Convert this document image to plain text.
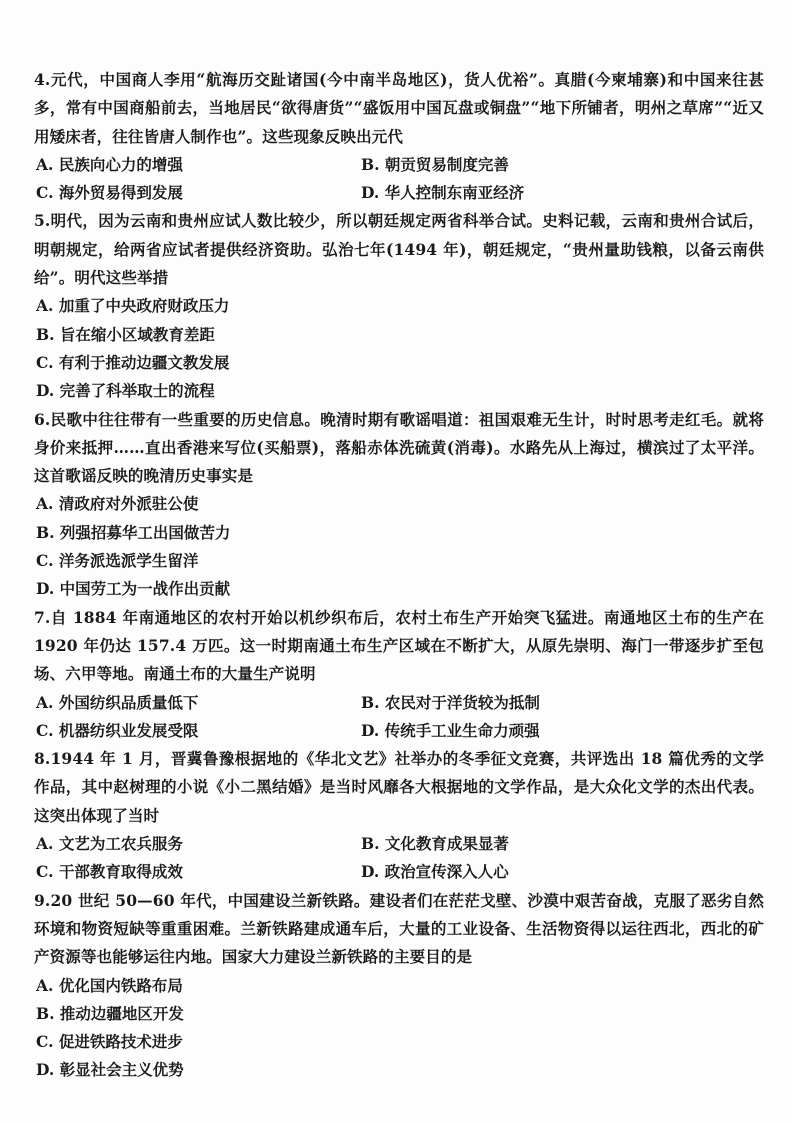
4.元代，中国商人李用“航海历交趾诸国(今中南半岛地区)，货人优裕”。真腊(今柬埔寨)和中国来往甚多，常有中国商船前去，当地居民“欲得唐货”“盛饭用中国瓦盘或铜盘”“地下所铺者，明州之草席”“近又用矮床者，往往皆唐人制作也”。这些现象反映出元代

A. 民族向心力的增强	B. 朝贡贸易制度完善
C. 海外贸易得到发展	D. 华人控制东南亚经济

5.明代，因为云南和贵州应试人数比较少，所以朝廷规定两省科举合试。史料记载，云南和贵州合试后，明朝规定，给两省应试者提供经济资助。弘治七年(1494 年)，朝廷规定，“贵州量助钱粮，以备云南供给”。明代这些举措

A. 加重了中央政府财政压力
B. 旨在缩小区域教育差距
C. 有利于推动边疆文教发展
D. 完善了科举取士的流程

6.民歌中往往带有一些重要的历史信息。晚清时期有歌谣唱道：祖国艰难无生计，时时思考走红毛。就将身价来抵押……直出香港来写位(买船票)，落船赤体洗硫黄(消毒)。水路先从上海过，横滨过了太平洋。这首歌谣反映的晚清历史事实是

A. 清政府对外派驻公使
B. 列强招募华工出国做苦力
C. 洋务派选派学生留洋
D. 中国劳工为一战作出贡献

7.自 1884 年南通地区的农村开始以机纱织布后，农村土布生产开始突飞猛进。南通地区土布的生产在 1920 年仍达 157.4 万匹。这一时期南通土布生产区域在不断扩大，从原先崇明、海门一带逐步扩至包场、六甲等地。南通土布的大量生产说明

A. 外国纺织品质量低下	B. 农民对于洋货较为抵制
C. 机器纺织业发展受限	D. 传统手工业生命力顽强

8.1944 年 1 月，晋冀鲁豫根据地的《华北文艺》社举办的冬季征文竞赛，共评选出 18 篇优秀的文学作品，其中赵树理的小说《小二黑结婚》是当时风靡各大根据地的文学作品，是大众化文学的杰出代表。这突出体现了当时

A. 文艺为工农兵服务	B. 文化教育成果显著
C. 干部教育取得成效	D. 政治宣传深入人心

9.20 世纪 50—60 年代，中国建设兰新铁路。建设者们在茫茫戈壁、沙漠中艰苦奋战，克服了恶劣自然环境和物资短缺等重重困难。兰新铁路建成通车后，大量的工业设备、生活物资得以运往西北，西北的矿产资源等也能够运往内地。国家大力建设兰新铁路的主要目的是

A. 优化国内铁路布局
B. 推动边疆地区开发
C. 促进铁路技术进步
D. 彰显社会主义优势
